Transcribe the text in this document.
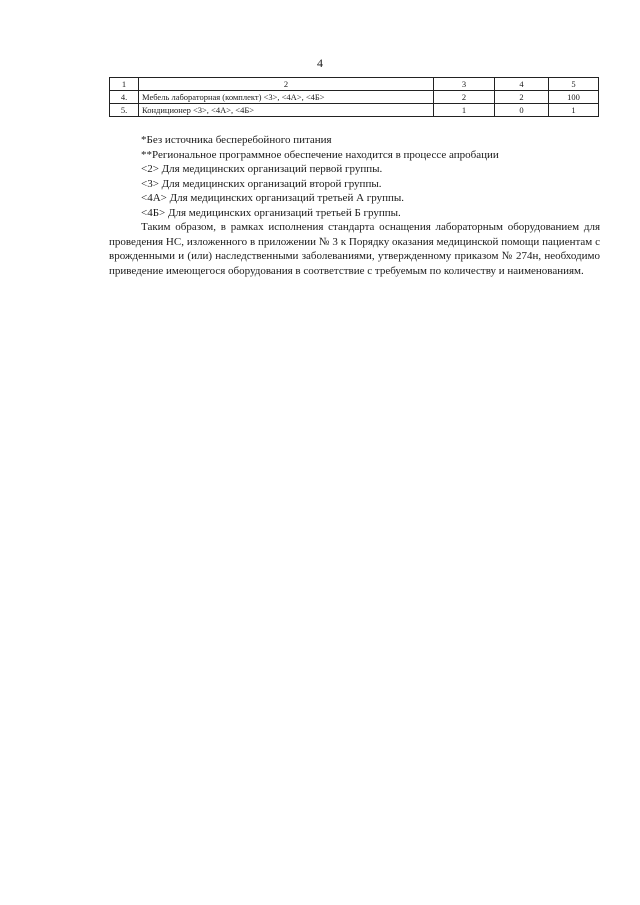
4
1	2	3	4	5
4.	Мебель лабораторная (комплект) <3>, <4А>, <4Б>	2	2	100
5.	Кондиционер <3>, <4А>, <4Б>	1	0	1
*Без источника бесперебойного питания
**Региональное программное обеспечение находится в процессе апробации
<2> Для медицинских организаций первой группы.
<3> Для медицинских организаций второй группы.
<4А> Для медицинских организаций третьей А группы.
<4Б> Для медицинских организаций третьей Б группы.
Таким образом, в рамках исполнения стандарта оснащения лабораторным оборудованием для проведения НС, изложенного в приложении № 3 к Порядку оказания медицинской помощи пациентам с врожденными и (или) наследственными заболеваниями, утвержденному приказом № 274н, необходимо приведение имеющегося оборудования в соответствие с требуемым по количеству и наименованиям.
